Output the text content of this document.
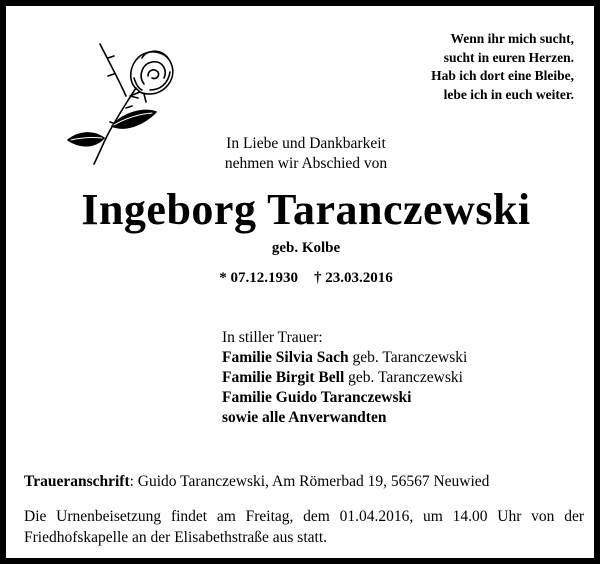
Wenn ihr mich sucht,
sucht in euren Herzen.
Hab ich dort eine Bleibe,
lebe ich in euch weiter.
In Liebe und Dankbarkeit
nehmen wir Abschied von
Ingeborg Taranczewski
geb. Kolbe
* 07.12.1930 † 23.03.2016
In stiller Trauer:
Familie Silvia Sach geb. Taranczewski
Familie Birgit Bell geb. Taranczewski
Familie Guido Taranczewski
sowie alle Anverwandten
Traueranschrift: Guido Taranczewski, Am Römerbad 19, 56567 Neuwied
Die Urnenbeisetzung findet am Freitag, dem 01.04.2016, um 14.00 Uhr von der Friedhofskapelle an der Elisabethstraße aus statt.
